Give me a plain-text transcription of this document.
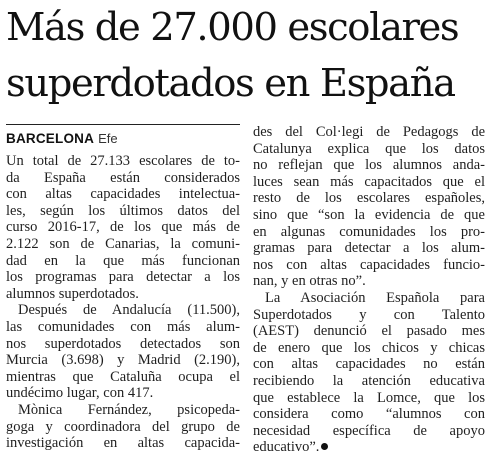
Más de 27.000 escolares
superdotados en España
BARCELONA Efe
Un total de 27.133 escolares de to-
da España están considerados
con altas capacidades intelectua-
les, según los últimos datos del
curso 2016-17, de los que más de
2.122 son de Canarias, la comuni-
dad en la que más funcionan
los programas para detectar a los
alumnos superdotados.
Después de Andalucía (11.500),
las comunidades con más alum-
nos superdotados detectados son
Murcia (3.698) y Madrid (2.190),
mientras que Cataluña ocupa el
undécimo lugar, con 417.
Mònica Fernández, psicopeda-
goga y coordinadora del grupo de
investigación en altas capacida-
des del Col·legi de Pedagogs de
Catalunya explica que los datos
no reflejan que los alumnos anda-
luces sean más capacitados que el
resto de los escolares españoles,
sino que “son la evidencia de que
en algunas comunidades los pro-
gramas para detectar a los alum-
nos con altas capacidades funcio-
nan, y en otras no”.
La Asociación Española para
Superdotados y con Talento
(AEST) denunció el pasado mes
de enero que los chicos y chicas
con altas capacidades no están
recibiendo la atención educativa
que establece la Lomce, que los
considera como “alumnos con
necesidad específica de apoyo
educativo”.
